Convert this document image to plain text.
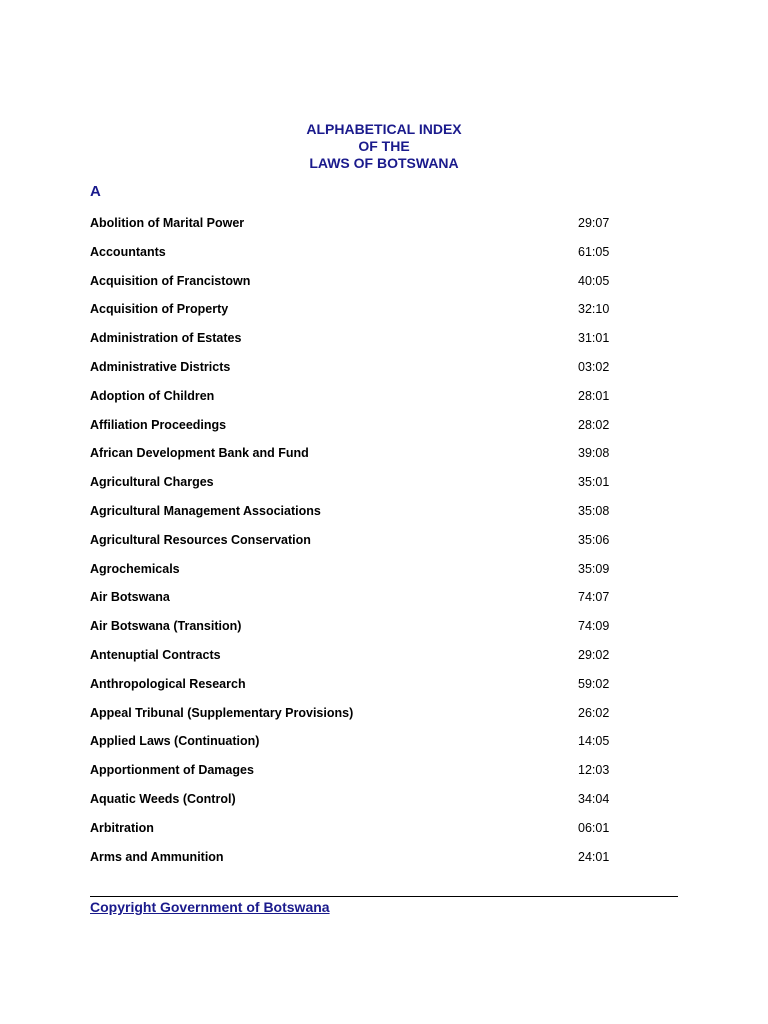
ALPHABETICAL INDEX
OF THE
LAWS OF BOTSWANA
A
Abolition of Marital Power	29:07
Accountants	61:05
Acquisition of Francistown	40:05
Acquisition of Property	32:10
Administration of Estates	31:01
Administrative Districts	03:02
Adoption of Children	28:01
Affiliation Proceedings	28:02
African Development Bank and Fund	39:08
Agricultural Charges	35:01
Agricultural Management Associations	35:08
Agricultural Resources Conservation	35:06
Agrochemicals	35:09
Air Botswana	74:07
Air Botswana (Transition)	74:09
Antenuptial Contracts	29:02
Anthropological Research	59:02
Appeal Tribunal (Supplementary Provisions)	26:02
Applied Laws (Continuation)	14:05
Apportionment of Damages	12:03
Aquatic Weeds (Control)	34:04
Arbitration	06:01
Arms and Ammunition	24:01
Copyright Government of Botswana
